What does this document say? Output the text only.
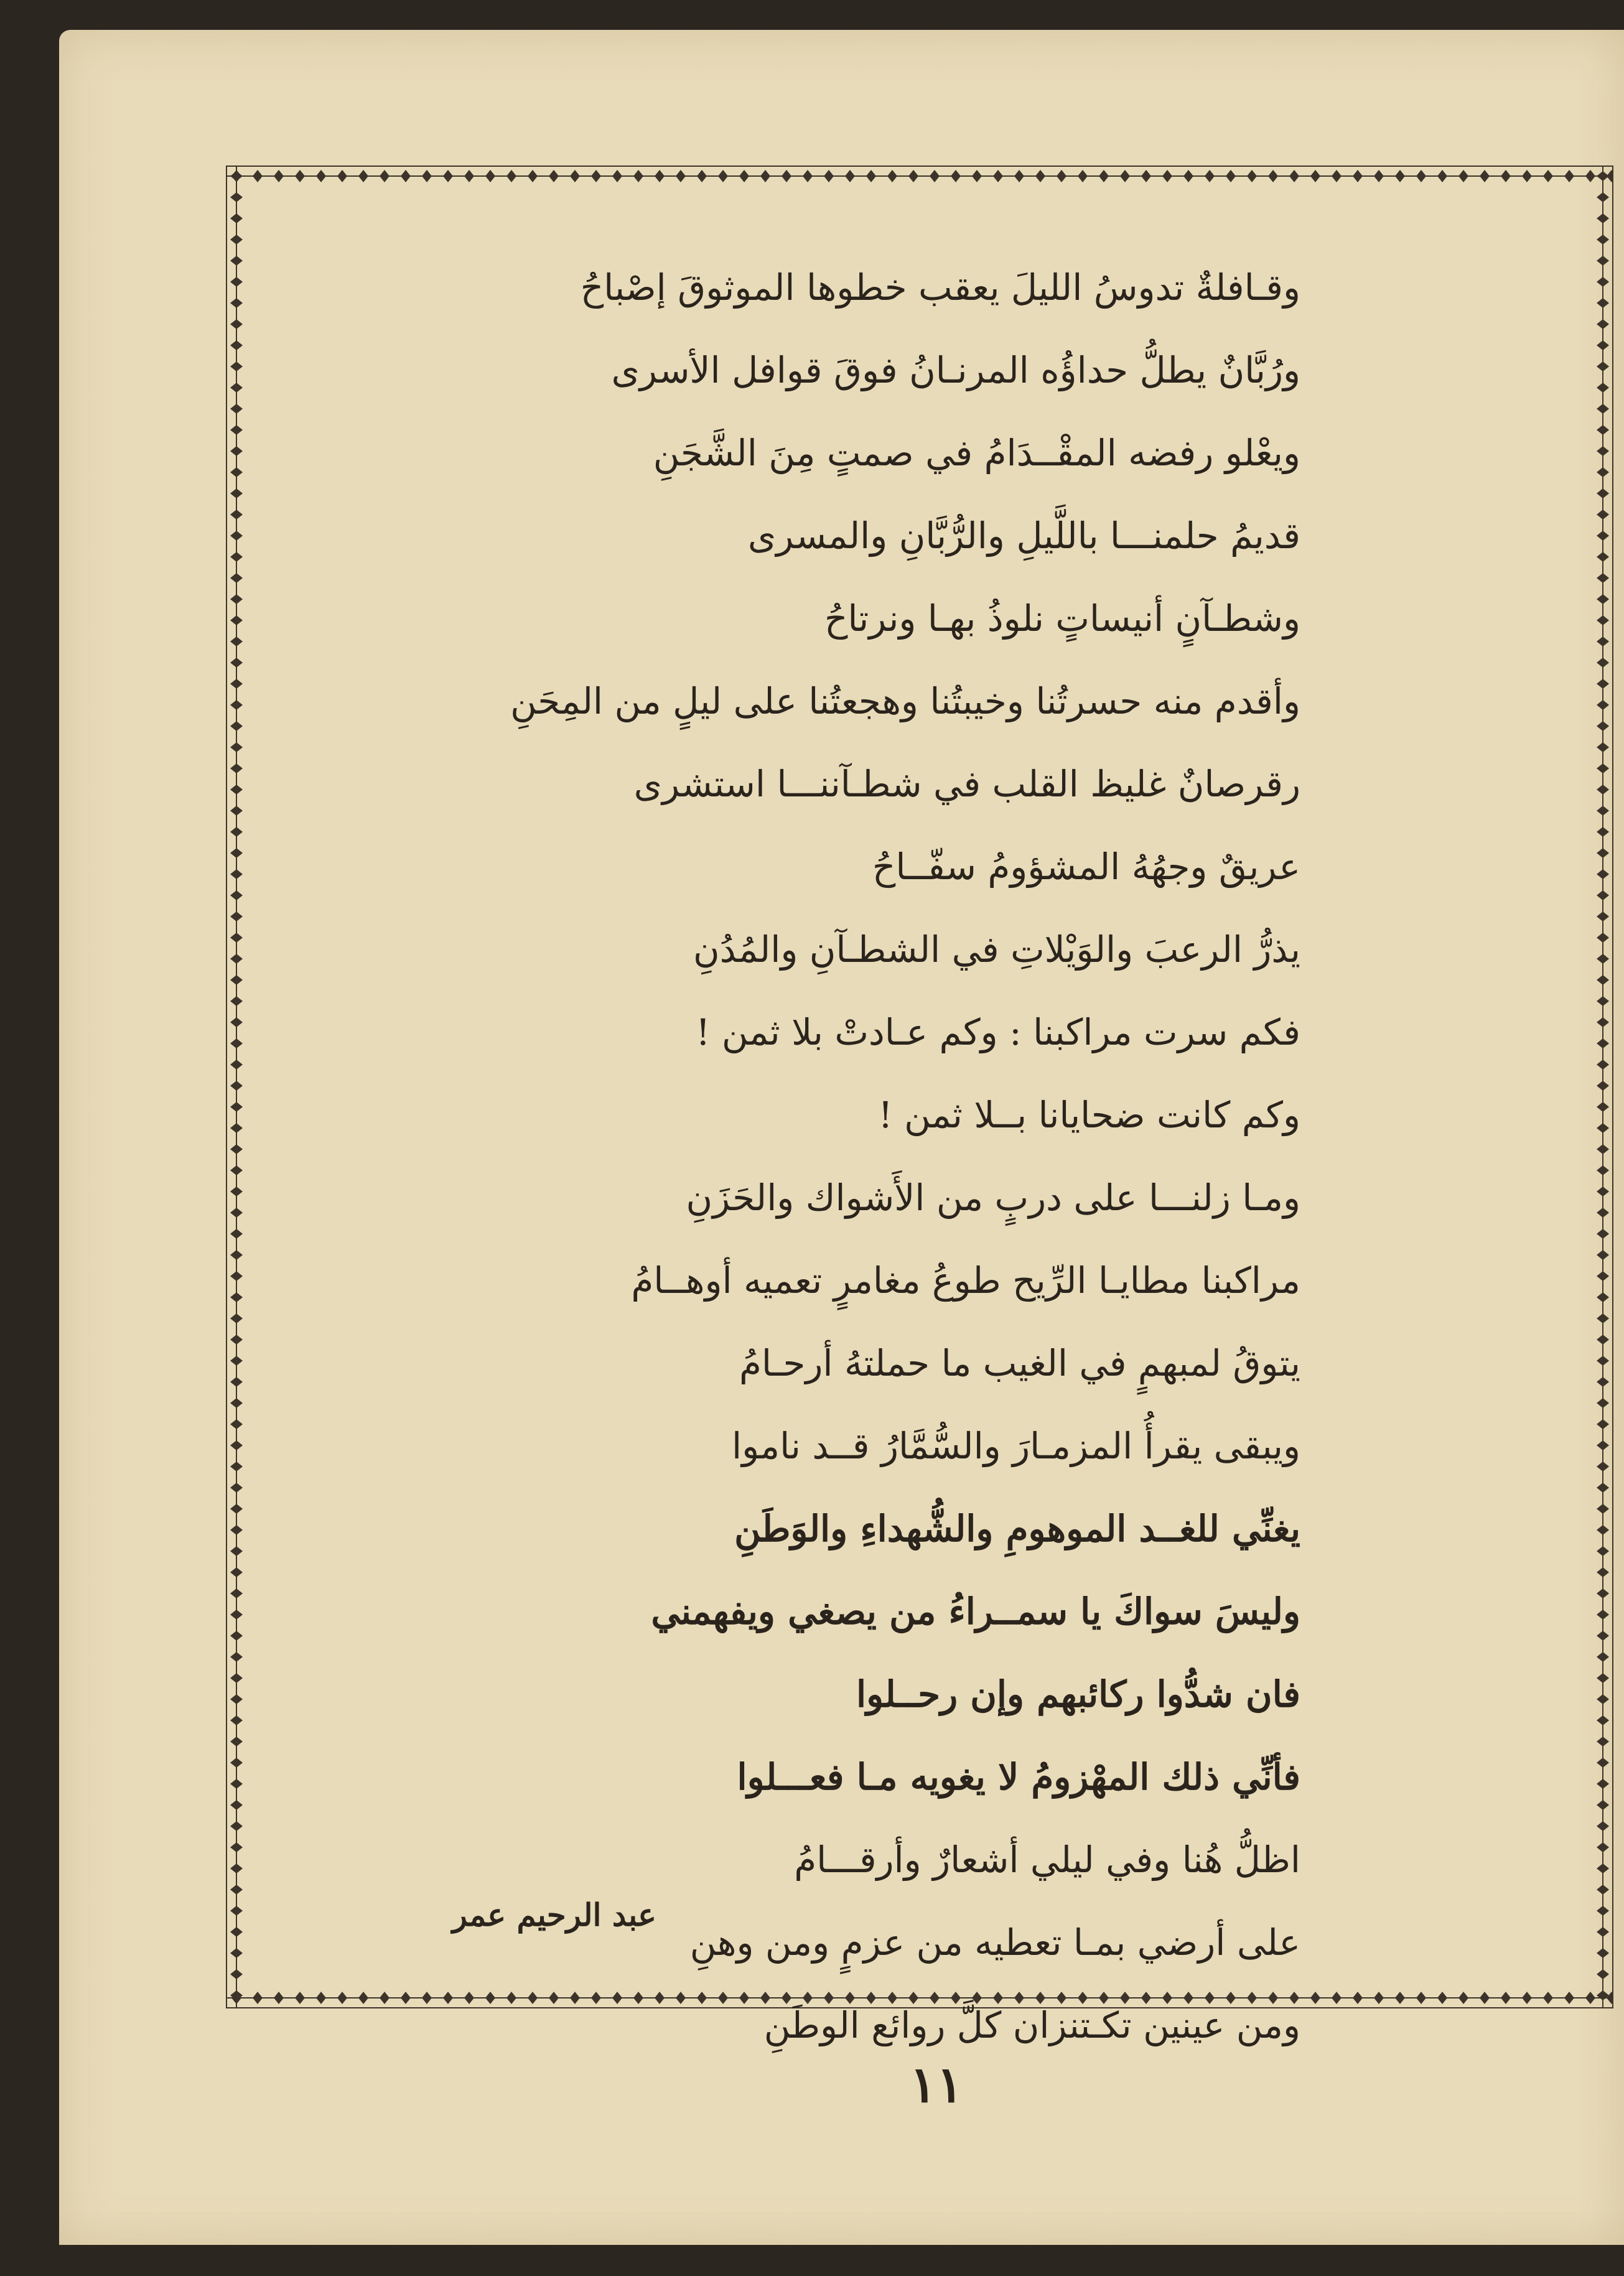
وقـافلةٌ تدوسُ الليلَ يعقب خطوها الموثوقَ إصْباحُ
ورُبَّانٌ يطلُّ حداؤُه المرنـانُ فوقَ قوافل الأسرى
ويعْلو رفضه المقْــدَامُ في صمتٍ مِنَ الشَّجَنِ
قديمُ حلمنـــا باللَّيلِ والرُّبَّانِ والمسرى
وشطـآنٍ أنيساتٍ نلوذُ بهـا ونرتاحُ
وأقدم منه حسرتُنا وخيبتُنا وهجعتُنا على ليلٍ من المِحَنِ
رقرصانٌ غليظ القلب في شطـآننـــا استشرى
عريقٌ وجهُهُ المشؤومُ سفّــاحُ
يذرُّ الرعبَ والوَيْلاتِ في الشطـآنِ والمُدُنِ
فكم سرت مراكبنا : وكم عـادتْ بلا ثمن !
وكم كانت ضحايانا بــلا ثمن !
ومـا زلنـــا على دربٍ من الأَشواك والحَزَنِ
مراكبنا مطايـا الرِّيح طوعُ مغامرٍ تعميه أوهــامُ
يتوقُ لمبهمٍ في الغيب ما حملتهُ أرحـامُ
ويبقى يقرأُ المزمـارَ والسُّمَّارُ قــد ناموا
يغنِّي للغــد الموهومِ والشُّهداءِ والوَطَنِ
وليسَ سواكَ يا سمــراءُ من يصغي ويفهمني
فان شدُّوا ركائبهم وإن رحــلوا
فأنِّي ذلك المهْزومُ لا يغويه مـا فعـــلوا
اظلُّ هُنا وفي ليلي أشعارٌ وأرقـــامُ
على أرضي بمـا تعطيه من عزمٍ ومن وهنِ
ومن عينين تكـتنزان كلَّ روائع الوطَنِ
عبد الرحيم عمر
١١
